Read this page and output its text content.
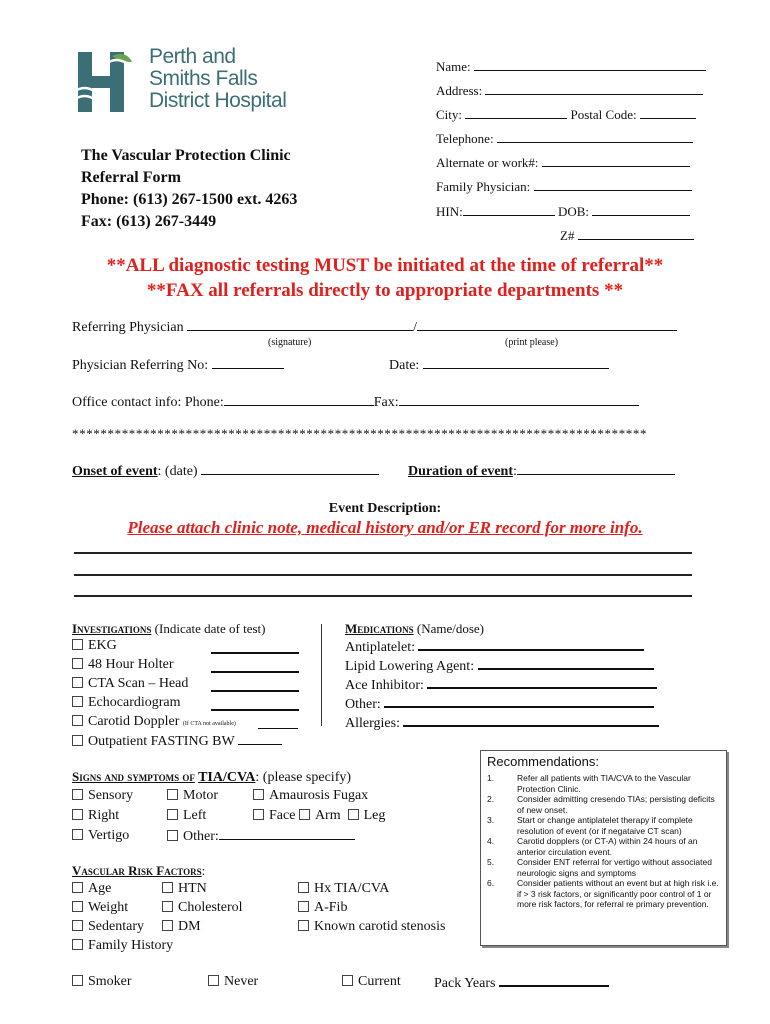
Perth and
Smiths Falls
District Hospital
The Vascular Protection Clinic
Referral Form
Phone: (613) 267-1500 ext. 4263
Fax: (613) 267-3449
Name:
Address:
City:	Postal Code:
Telephone:
Alternate or work#:
Family Physician:
HIN:	DOB:
Z#
**ALL diagnostic testing MUST be initiated at the time of referral**
**FAX all referrals directly to appropriate departments **
Referring Physician	/
(signature)	(print please)
Physician Referring No:	Date:
Office contact info: Phone:	Fax:
*********************************************************************************
Onset of event: (date)	Duration of event:
Event Description:
Please attach clinic note, medical history and/or ER record for more info.
Investigations (Indicate date of test)
EKG
48 Hour Holter
CTA Scan – Head
Echocardiogram
Carotid Doppler (If CTA not available)
Outpatient FASTING BW
Medications (Name/dose)
Antiplatelet:
Lipid Lowering Agent:
Ace Inhibitor:
Other:
Allergies:
Signs and symptoms of TIA/CVA: (please specify)
Sensory	Motor	Amaurosis Fugax
Right	Left	Face Arm Leg
Vertigo	Other:
Vascular Risk Factors:
Age	HTN	Hx TIA/CVA
Weight	Cholesterol	A-Fib
Sedentary	DM	Known carotid stenosis
Family History
Smoker	Never	Current Pack Years
Recommendations:
1.	Refer all patients with TIA/CVA to the Vascular Protection Clinic.
2.	Consider admitting cresendo TIAs; persisting deficits of new onset.
3.	Start or change antiplatelet therapy if complete resolution of event (or if negataive CT scan)
4.	Carotid dopplers (or CT-A) within 24 hours of an anterior circulation event.
5.	Consider ENT referral for vertigo without associated neurologic signs and symptoms
6.	Consider patients without an event but at high risk i.e. if > 3 risk factors, or significantly poor control of 1 or more risk factors, for referral re primary prevention.
